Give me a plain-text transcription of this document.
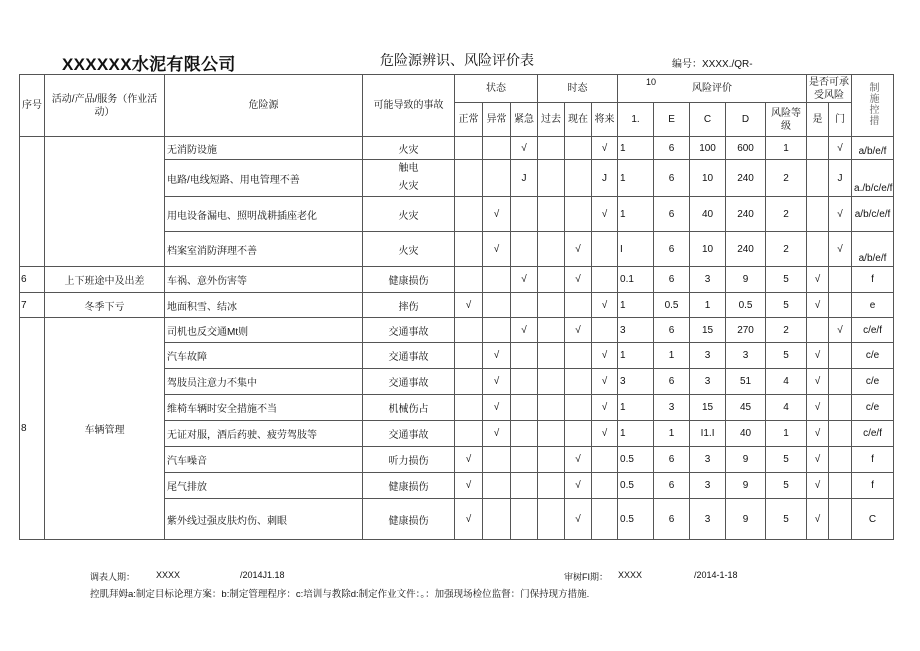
XXXXXX水泥有限公司	危险源辨识、风险评价表	编号：XXXX./QR-
序号	活动/产品/服务（作业活动）	危险源	可能导致的事故	状态			时态			10
风险评价					是否可承受风险		制施控措
				正常	异常	紧急	过去	现在	将来	1.	E	C	D	风险等级	是	门	
		无消防设施	火灾			√			√	1	6	100	600	1		√	a/b/e/f
		电路/电线短路、用电管理不善	触电
火灾			J			J	1	6	10	240	2		J	a./b/c/e/f
		用电设备漏电、照明战耕插座老化	火灾		√				√	1	6	40	240	2		√	a/b/c/e/f
		档案室消防湃理不善	火灾		√			√		I	6	10	240	2		√	a/b/e/f
6	上下班途中及出差	车祸、意外伤害等	健康损伤			√		√		0.1	6	3	9	5	√		f
7	冬季下亏	地面积雪、结冰	摔伤	√					√	1	0.5	1	0.5	5	√		e
8	车辆管理	司机也反交通Mt则	交通事故			√		√		3	6	15	270	2		√	c/e/f
		汽车故障	交通事故		√				√	1	1	3	3	5	√		c/e
		驾肢员注意力不集中	交通事故		√				√	3	6	3	51	4	√		c/e
		维椅车辆时安全措施不当	机械伤占		√				√	1	3	15	45	4	√		c/e
		无证对服，酒后药驶、疲劳驾肢等	交通事故		√				√	1	1	I1.I	40	1	√		c/e/f
		汽车噪音	听力损伤	√				√		0.5	6	3	9	5	√		f
		尾气排放	健康损伤	√				√		0.5	6	3	9	5	√		f
		紫外线过强皮肤灼伤、刺眼	健康损伤	√				√		0.5	6	3	9	5	√		C
调表人期： XXXX	/2014J1.18	审树FI期： XXXX	/2014-1-18
控肌拜姆a:制定目标论理方案：b:制定管理程序：c:培训与教除d:制定作业文件：。：加强现场检位监督：门保持现方措施.
